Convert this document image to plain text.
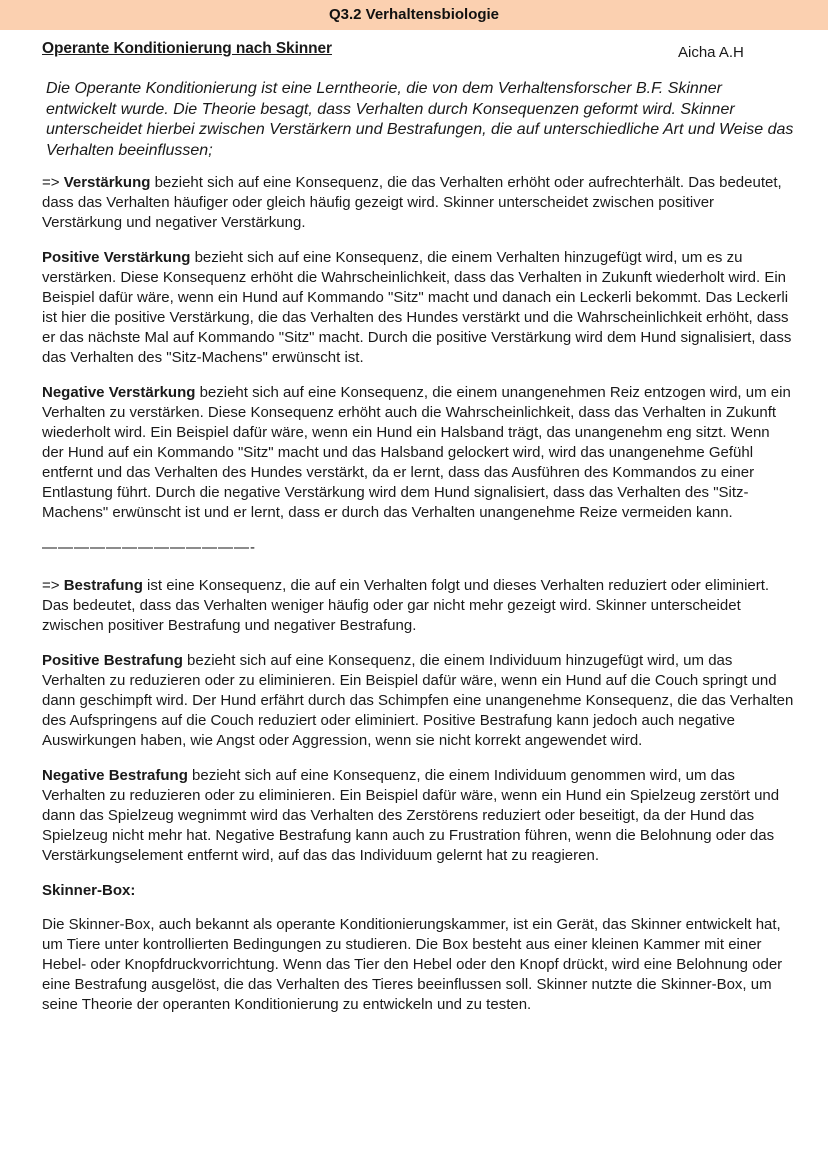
Q3.2 Verhaltensbiologie
Operante Konditionierung nach Skinner	Aicha A.H

Die Operante Konditionierung ist eine Lerntheorie, die von dem Verhaltensforscher B.F. Skinner entwickelt wurde. Die Theorie besagt, dass Verhalten durch Konsequenzen geformt wird. Skinner unterscheidet hierbei zwischen Verstärkern und Bestrafungen, die auf unterschiedliche Art und Weise das Verhalten beeinflussen;

=> Verstärkung bezieht sich auf eine Konsequenz, die das Verhalten erhöht oder aufrechterhält. Das bedeutet, dass das Verhalten häufiger oder gleich häufig gezeigt wird. Skinner unterscheidet zwischen positiver Verstärkung und negativer Verstärkung.

Positive Verstärkung bezieht sich auf eine Konsequenz, die einem Verhalten hinzugefügt wird, um es zu verstärken. Diese Konsequenz erhöht die Wahrscheinlichkeit, dass das Verhalten in Zukunft wiederholt wird. Ein Beispiel dafür wäre, wenn ein Hund auf Kommando "Sitz" macht und danach ein Leckerli bekommt. Das Leckerli ist hier die positive Verstärkung, die das Verhalten des Hundes verstärkt und die Wahrscheinlichkeit erhöht, dass er das nächste Mal auf Kommando "Sitz" macht. Durch die positive Verstärkung wird dem Hund signalisiert, dass das Verhalten des "Sitz-Machens" erwünscht ist.

Negative Verstärkung bezieht sich auf eine Konsequenz, die einem unangenehmen Reiz entzogen wird, um ein Verhalten zu verstärken. Diese Konsequenz erhöht auch die Wahrscheinlichkeit, dass das Verhalten in Zukunft wiederholt wird. Ein Beispiel dafür wäre, wenn ein Hund ein Halsband trägt, das unangenehm eng sitzt. Wenn der Hund auf ein Kommando "Sitz" macht und das Halsband gelockert wird, wird das unangenehme Gefühl entfernt und das Verhalten des Hundes verstärkt, da er lernt, dass das Ausführen des Kommandos zu einer Entlastung führt. Durch die negative Verstärkung wird dem Hund signalisiert, dass das Verhalten des "Sitz-Machens" erwünscht ist und er lernt, dass er durch das Verhalten unangenehme Reize vermeiden kann.

—————————————-

=> Bestrafung ist eine Konsequenz, die auf ein Verhalten folgt und dieses Verhalten reduziert oder eliminiert. Das bedeutet, dass das Verhalten weniger häufig oder gar nicht mehr gezeigt wird. Skinner unterscheidet zwischen positiver Bestrafung und negativer Bestrafung.

Positive Bestrafung bezieht sich auf eine Konsequenz, die einem Individuum hinzugefügt wird, um das Verhalten zu reduzieren oder zu eliminieren. Ein Beispiel dafür wäre, wenn ein Hund auf die Couch springt und dann geschimpft wird. Der Hund erfährt durch das Schimpfen eine unangenehme Konsequenz, die das Verhalten des Aufspringens auf die Couch reduziert oder eliminiert. Positive Bestrafung kann jedoch auch negative Auswirkungen haben, wie Angst oder Aggression, wenn sie nicht korrekt angewendet wird.

Negative Bestrafung bezieht sich auf eine Konsequenz, die einem Individuum genommen wird, um das Verhalten zu reduzieren oder zu eliminieren. Ein Beispiel dafür wäre, wenn ein Hund ein Spielzeug zerstört und dann das Spielzeug wegnimmt wird das Verhalten des Zerstörens reduziert oder beseitigt, da der Hund das Spielzeug nicht mehr hat. Negative Bestrafung kann auch zu Frustration führen, wenn die Belohnung oder das Verstärkungselement entfernt wird, auf das das Individuum gelernt hat zu reagieren.

Skinner-Box:

Die Skinner-Box, auch bekannt als operante Konditionierungskammer, ist ein Gerät, das Skinner entwickelt hat, um Tiere unter kontrollierten Bedingungen zu studieren. Die Box besteht aus einer kleinen Kammer mit einer Hebel- oder Knopfdruckvorrichtung. Wenn das Tier den Hebel oder den Knopf drückt, wird eine Belohnung oder eine Bestrafung ausgelöst, die das Verhalten des Tieres beeinflussen soll. Skinner nutzte die Skinner-Box, um seine Theorie der operanten Konditionierung zu entwickeln und zu testen.
